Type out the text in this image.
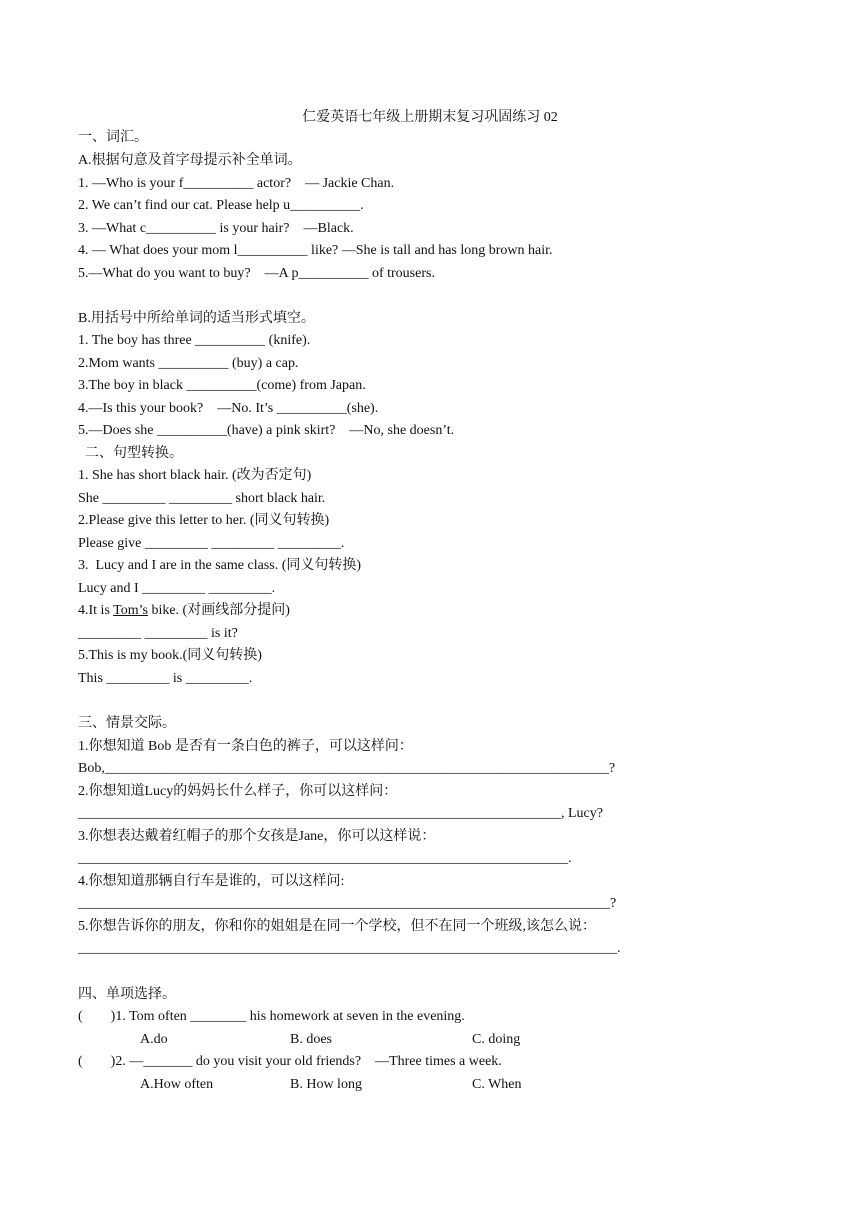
仁爱英语七年级上册期末复习巩固练习 02
一、词汇。
A.根据句意及首字母提示补全单词。
1. —Who is your f__________ actor?    — Jackie Chan.
2. We can’t find our cat. Please help u__________.
3. —What c__________ is your hair?    —Black.
4. — What does your mom l__________ like? —She is tall and has long brown hair.
5.—What do you want to buy?    —A p__________ of trousers.
B.用括号中所给单词的适当形式填空。
1. The boy has three __________ (knife).
2.Mom wants __________ (buy) a cap.
3.The boy in black __________(come) from Japan.
4.—Is this your book?    —No. It’s __________(she).
5.—Does she __________(have) a pink skirt?    —No, she doesn’t.
二、句型转换。
1. She has short black hair. (改为否定句)
She _________ _________ short black hair.
2.Please give this letter to her. (同义句转换)
Please give _________ _________ _________.
3.  Lucy and I are in the same class. (同义句转换)
Lucy and I _________ _________.
4.It is Tom’s bike. (对画线部分提问)
_________ _________ is it?
5.This is my book.(同义句转换)
This _________ is _________.
三、情景交际。
1.你想知道 Bob 是否有一条白色的裤子，可以这样问：
Bob,________________________________________________________________________?
2.你想知道Lucy的妈妈长什么样子，你可以这样问：
_____________________________________________________________________, Lucy?
3.你想表达戴着红帽子的那个女孩是Jane，你可以这样说：
______________________________________________________________________.
4.你想知道那辆自行车是谁的，可以这样问:
____________________________________________________________________________?
5.你想告诉你的朋友，你和你的姐姐是在同一个学校，但不在同一个班级,该怎么说：
_____________________________________________________________________________.
四、单项选择。
(        )1. Tom often ________ his homework at seven in the evening.
A.do	B. does	C. doing
(        )2. —_______ do you visit your old friends?    —Three times a week.
A.How often	B. How long	C. When
